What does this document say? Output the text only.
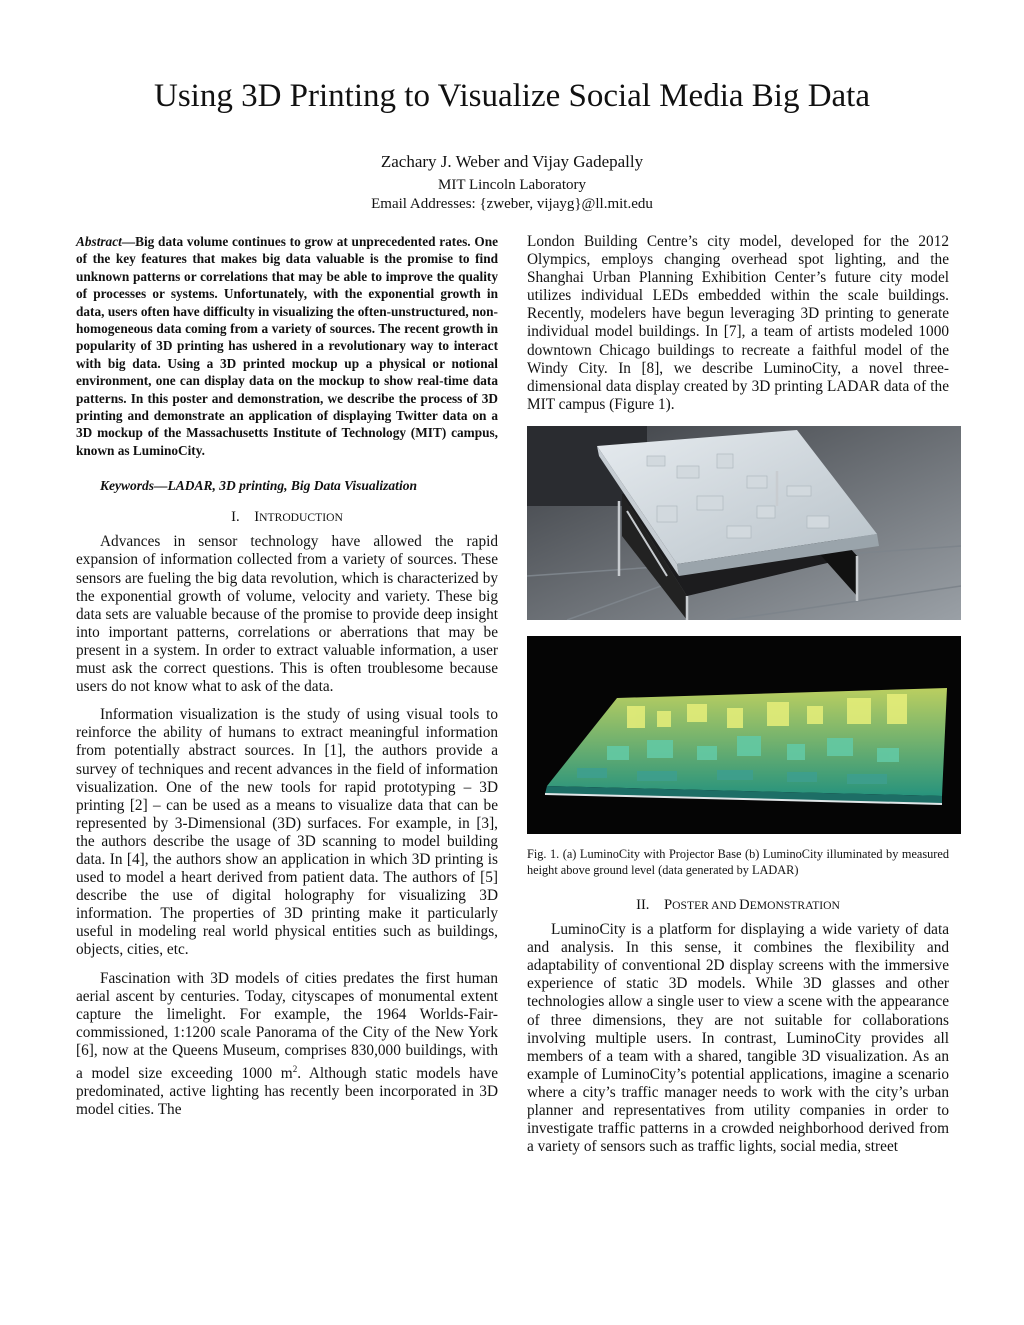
Using 3D Printing to Visualize Social Media Big Data
Zachary J. Weber and Vijay Gadepally
MIT Lincoln Laboratory
Email Addresses: {zweber, vijayg}@ll.mit.edu

Abstract—Big data volume continues to grow at unprecedented rates. One of the key features that makes big data valuable is the promise to find unknown patterns or correlations that may be able to improve the quality of processes or systems. Unfortunately, with the exponential growth in data, users often have difficulty in visualizing the often-unstructured, non-homogeneous data coming from a variety of sources. The recent growth in popularity of 3D printing has ushered in a revolutionary way to interact with big data. Using a 3D printed mockup up a physical or notional environment, one can display data on the mockup to show real-time data patterns. In this poster and demonstration, we describe the process of 3D printing and demonstrate an application of displaying Twitter data on a 3D mockup of the Massachusetts Institute of Technology (MIT) campus, known as LuminoCity.

Keywords—LADAR, 3D printing, Big Data Visualization

I. INTRODUCTION

Advances in sensor technology have allowed the rapid expansion of information collected from a variety of sources. These sensors are fueling the big data revolution, which is characterized by the exponential growth of volume, velocity and variety. These big data sets are valuable because of the promise to provide deep insight into important patterns, correlations or aberrations that may be present in a system. In order to extract valuable information, a user must ask the correct questions. This is often troublesome because users do not know what to ask of the data.

Information visualization is the study of using visual tools to reinforce the ability of humans to extract meaningful information from potentially abstract sources. In [1], the authors provide a survey of techniques and recent advances in the field of information visualization. One of the new tools for rapid prototyping – 3D printing [2] – can be used as a means to visualize data that can be represented by 3-Dimensional (3D) surfaces. For example, in [3], the authors describe the usage of 3D scanning to model building data. In [4], the authors show an application in which 3D printing is used to model a heart derived from patient data. The authors of [5] describe the use of digital holography for visualizing 3D information. The properties of 3D printing make it particularly useful in modeling real world physical entities such as buildings, objects, cities, etc.

Fascination with 3D models of cities predates the first human aerial ascent by centuries. Today, cityscapes of monumental extent capture the limelight. For example, the 1964 Worlds-Fair-commissioned, 1:1200 scale Panorama of the City of the New York [6], now at the Queens Museum, comprises 830,000 buildings, with a model size exceeding 1000 $m^2$. Although static models have predominated, active lighting has recently been incorporated in 3D model cities. The

London Building Centre’s city model, developed for the 2012 Olympics, employs changing overhead spot lighting, and the Shanghai Urban Planning Exhibition Center’s future city model utilizes individual LEDs embedded within the scale buildings. Recently, modelers have begun leveraging 3D printing to generate individual model buildings. In [7], a team of artists modeled 1000 downtown Chicago buildings to recreate a faithful model of the Windy City. In [8], we describe LuminoCity, a novel three-dimensional data display created by 3D printing LADAR data of the MIT campus (Figure 1).

Fig. 1. (a) LuminoCity with Projector Base (b) LuminoCity illuminated by measured height above ground level (data generated by LADAR)
II. POSTER AND DEMONSTRATION

LuminoCity is a platform for displaying a wide variety of data and analysis. In this sense, it combines the flexibility and adaptability of conventional 2D display screens with the immersive experience of static 3D models. While 3D glasses and other technologies allow a single user to view a scene with the appearance of three dimensions, they are not suitable for collaborations involving multiple users. In contrast, LuminoCity provides all members of a team with a shared, tangible 3D visualization. As an example of LuminoCity’s potential applications, imagine a scenario where a city’s traffic manager needs to work with the city’s urban planner and representatives from utility companies in order to investigate traffic patterns in a crowded neighborhood derived from a variety of sensors such as traffic lights, social media, street
